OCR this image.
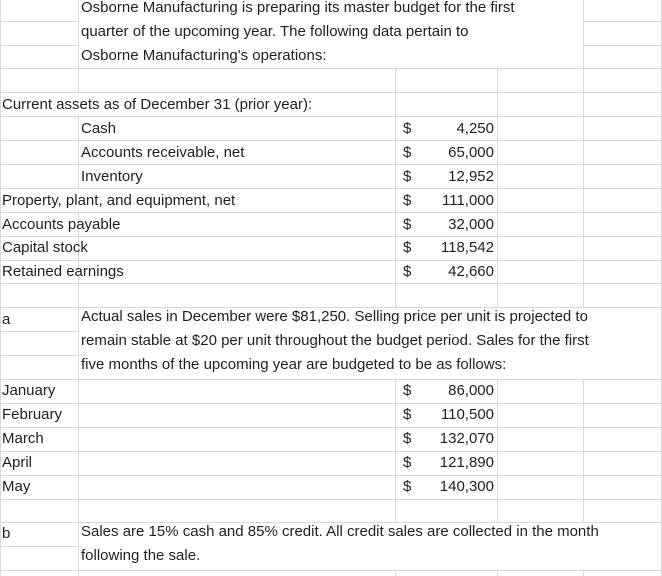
Osborne Manufacturing is preparing its master budget for the first
quarter of the upcoming year. The following data pertain to
Osborne Manufacturing's operations:
Current assets as of December 31 (prior year):
Cash	$	4,250
Accounts receivable, net	$	65,000
Inventory	$	12,952
Property, plant, and equipment, net	$	111,000
Accounts payable	$	32,000
Capital stock	$	118,542
Retained earnings	$	42,660
a	Actual sales in December were $81,250. Selling price per unit is projected to
remain stable at $20 per unit throughout the budget period. Sales for the first
five months of the upcoming year are budgeted to be as follows:
January	$	86,000
February	$	110,500
March	$	132,070
April	$	121,890
May	$	140,300
b	Sales are 15% cash and 85% credit. All credit sales are collected in the month
following the sale.
